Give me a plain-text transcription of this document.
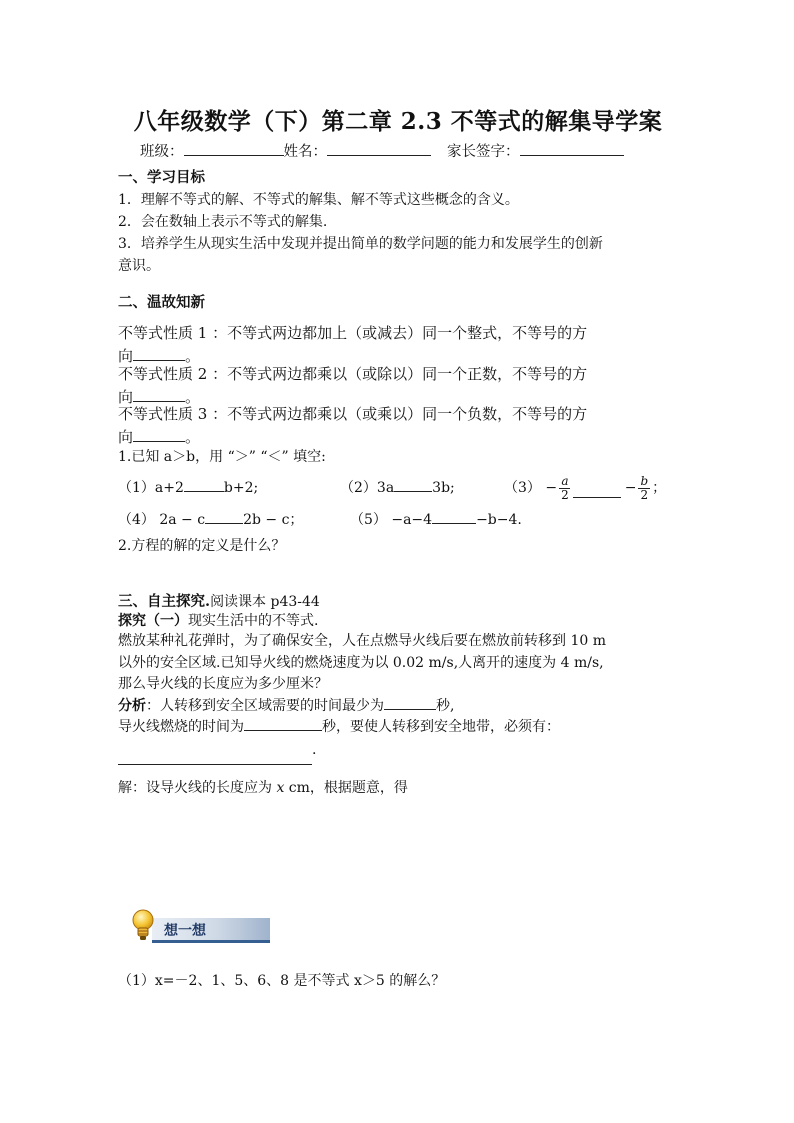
八年级数学（下）第二章 2.3 不等式的解集导学案
班级：	姓名：	家长签字：
一、学习目标
1．理解不等式的解、不等式的解集、解不等式这些概念的含义。
2．会在数轴上表示不等式的解集.
3．培养学生从现实生活中发现并提出简单的数学问题的能力和发展学生的创新
意识。
二、温故知新
不等式性质 1 ：不等式两边都加上（或减去）同一个整式，不等号的方
向	。
不等式性质 2 ：不等式两边都乘以（或除以）同一个正数，不等号的方
向	。
不等式性质 3 ：不等式两边都乘以（或乘以）同一个负数，不等号的方
向	。
1.已知 a＞b，用 “＞” “＜” 填空:
（1）a+2	b+2;	（2）3a	3b;	$(3) - \frac{a}{2}$	− $\frac{b}{2}$ ；
（4） 2a − c	2b − c；	（5） −a−4	−b−4.
2.方程的解的定义是什么？
三、自主探究.阅读课本 p43-44
探究（一）现实生活中的不等式.
燃放某种礼花弹时，为了确保安全，人在点燃导火线后要在燃放前转移到 10 m
以外的安全区域.已知导火线的燃烧速度为以 0.02 m/s,人离开的速度为 4 m/s,
那么导火线的长度应为多少厘米？
分析：人转移到安全区域需要的时间最少为	秒,
导火线燃烧的时间为	秒，要使人转移到安全地带，必须有：
.
解：设导火线的长度应为 x cm，根据题意，得
想一想
（1）x=－2、1、5、6、8 是不等式 x＞5 的解么？
